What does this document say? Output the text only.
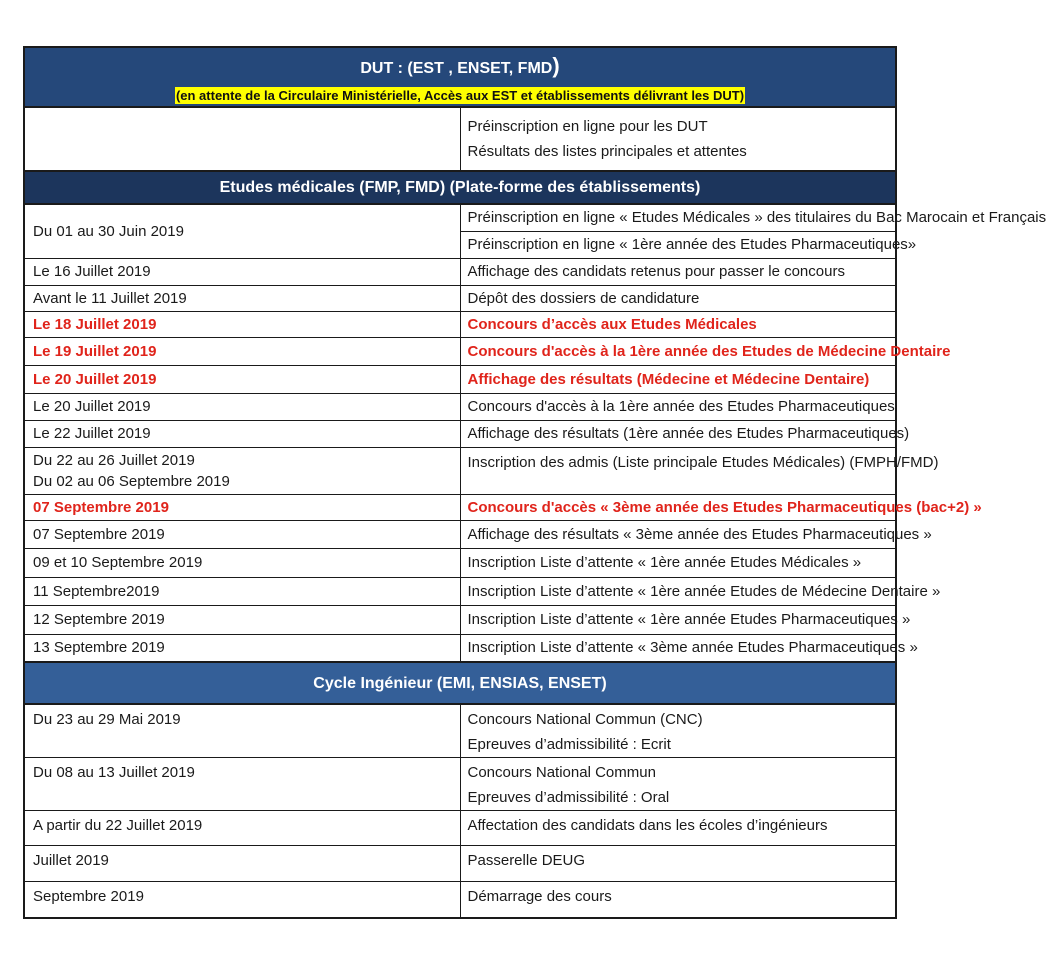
DUT : (EST , ENSET, FMD)	
(en attente de la Circulaire Ministérielle, Accès aux EST et établissements délivrant les DUT)	

	Préinscription en ligne pour les DUT
Résultats des listes principales et attentes

Etudes médicales (FMP, FMD) (Plate-forme des établissements)	
Du 01 au 30 Juin 2019	Préinscription en ligne « Etudes Médicales » des titulaires du Bac Marocain et Français
	Préinscription en ligne « 1ère année des Etudes Pharmaceutiques»
Le 16 Juillet 2019	Affichage des candidats retenus pour passer le concours
Avant le 11 Juillet 2019	Dépôt des dossiers de candidature
Le 18 Juillet 2019	Concours d’accès aux Etudes Médicales
Le 19 Juillet 2019	Concours d'accès à la 1ère année des Etudes de Médecine Dentaire
Le 20 Juillet 2019	Affichage des résultats (Médecine et Médecine Dentaire)
Le 20 Juillet 2019	Concours d'accès à la 1ère année des Etudes Pharmaceutiques
Le 22 Juillet 2019	Affichage des résultats (1ère année des Etudes Pharmaceutiques)

Du 22 au 26 Juillet 2019
Du 02 au 06 Septembre 2019	Inscription des admis (Liste principale Etudes Médicales) (FMPH/FMD)
07 Septembre 2019	Concours d'accès « 3ème année des Etudes Pharmaceutiques (bac+2) »
07 Septembre 2019	Affichage des résultats « 3ème année des Etudes Pharmaceutiques »
09 et 10 Septembre 2019	Inscription Liste d’attente « 1ère année Etudes Médicales »
11 Septembre2019	Inscription Liste d’attente « 1ère année Etudes de Médecine Dentaire »
12 Septembre 2019	Inscription Liste d’attente « 1ère année Etudes Pharmaceutiques »
13 Septembre 2019	Inscription Liste d’attente « 3ème année Etudes Pharmaceutiques »
Cycle Ingénieur (EMI, ENSIAS, ENSET)	
Du 23 au 29 Mai 2019	Concours National Commun (CNC)
Epreuves d’admissibilité : Ecrit

Du 08 au 13 Juillet 2019	Concours National Commun
Epreuves d’admissibilité : Oral

A partir du 22 Juillet 2019	Affectation des candidats dans les écoles d’ingénieurs
Juillet 2019	Passerelle DEUG
Septembre 2019	Démarrage des cours
